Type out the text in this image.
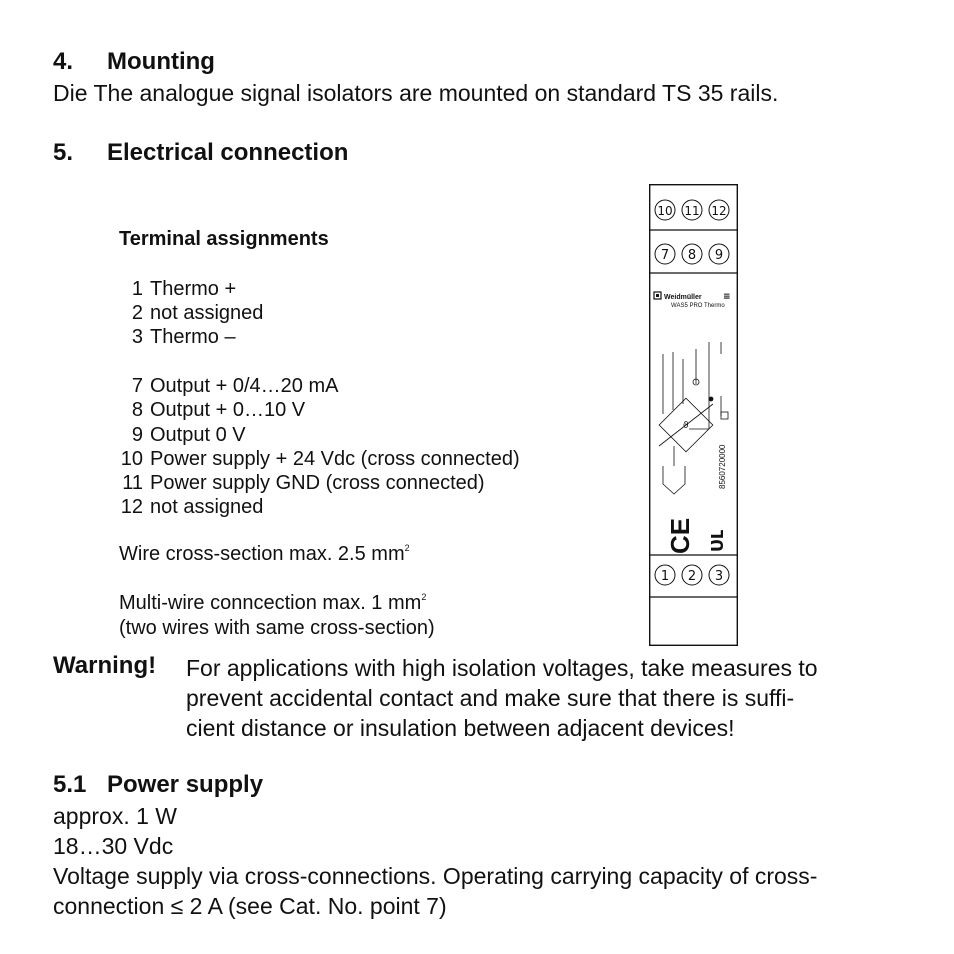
4. Mounting
Die The analogue signal isolators are mounted on standard TS 35 rails.
5. Electrical connection
Terminal assignments
1 Thermo +
2 not assigned
3 Thermo –
7 Output + 0/4…20 mA
8 Output + 0…10 V
9 Output 0 V
10 Power supply + 24 Vdc (cross connected)
11 Power supply GND (cross connected)
12 not assigned
Wire cross-section max. 2.5 $mm^2$
Multi-wire conncection max. 1 $mm^2$
(two wires with same cross-section)
10 11 12
7 8 9
1 2 3
Weidmüller ≡
WAS5 PRO Thermo
ϑ
8560720000
CE ᴜʟ
Warning! For applications with high isolation voltages, take measures to
prevent accidental contact and make sure that there is suffi-
cient distance or insulation between adjacent devices!
5.1 Power supply
approx. 1 W
18…30 Vdc
Voltage supply via cross-connections. Operating carrying capacity of cross-
connection ≤ 2 A (see Cat. No. point 7)
